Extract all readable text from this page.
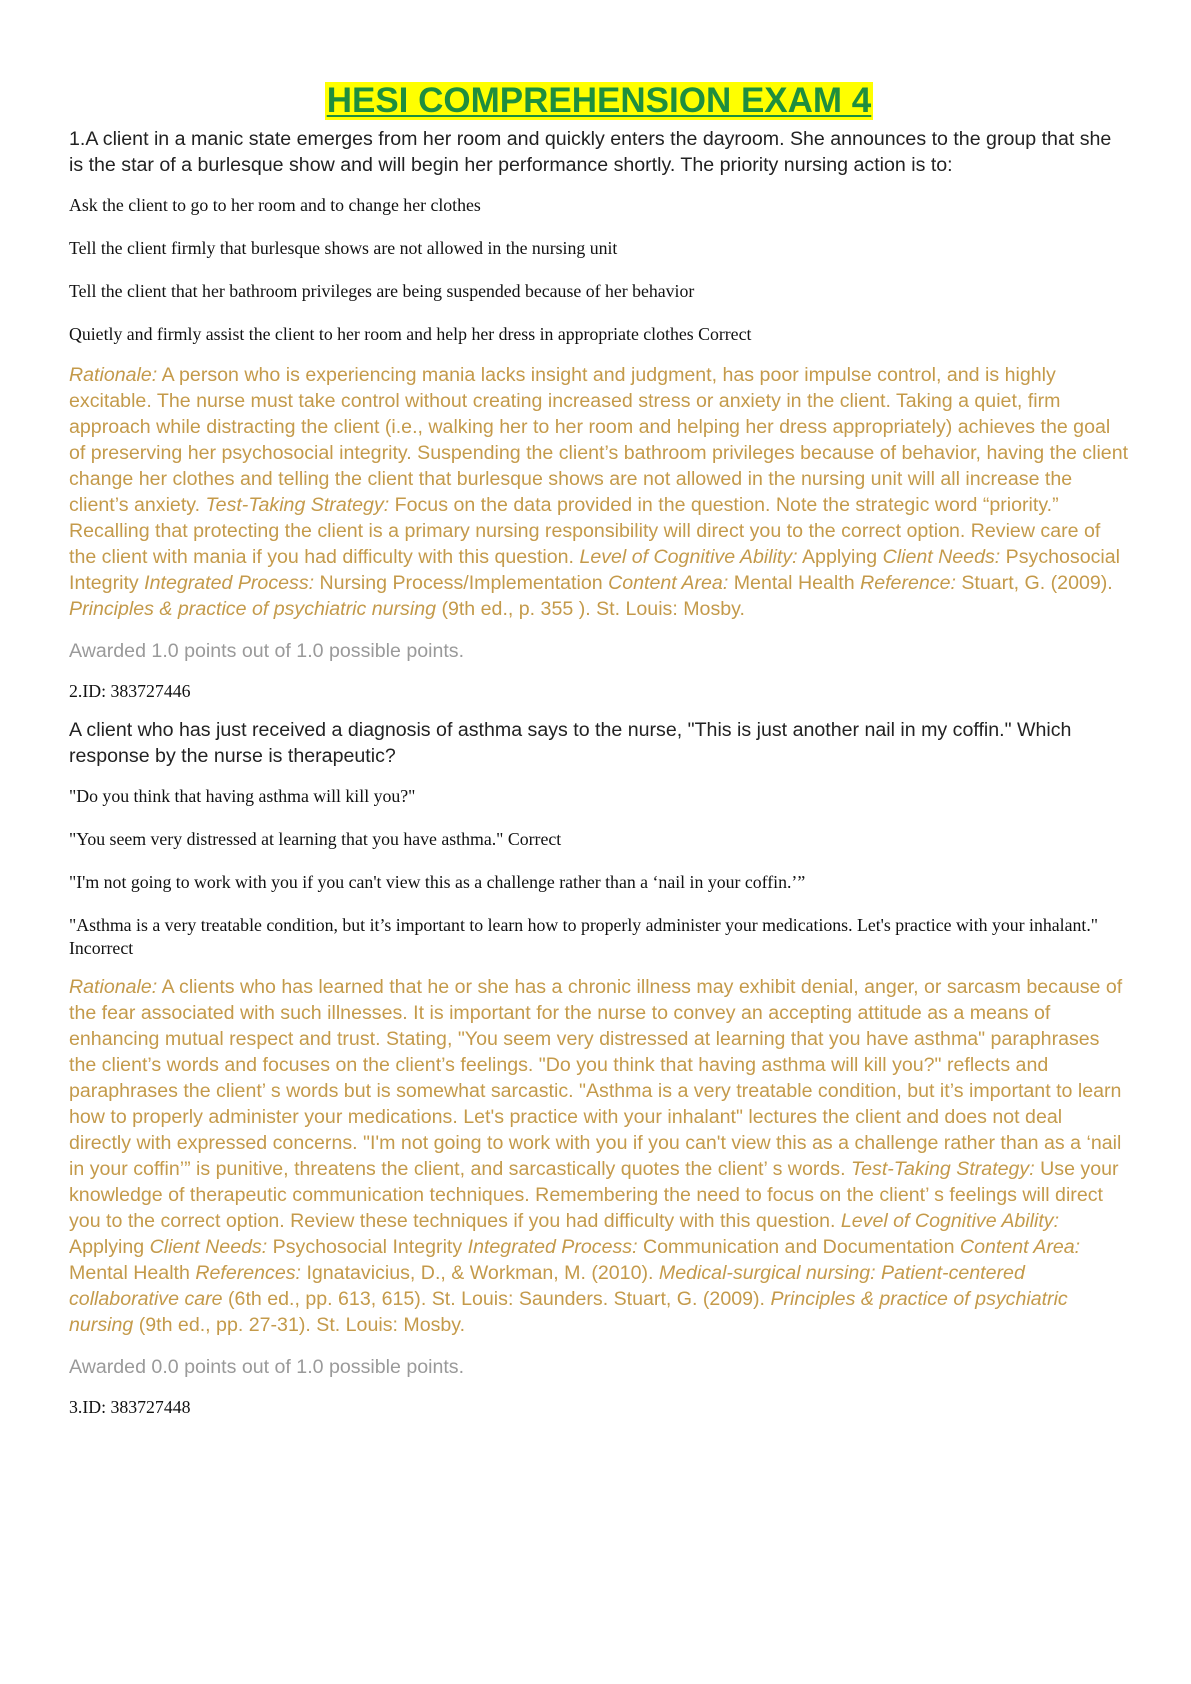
HESI COMPREHENSION EXAM 4

1.A client in a manic state emerges from her room and quickly enters the dayroom. She announces to the group that she is the star of a burlesque show and will begin her performance shortly. The priority nursing action is to:

Ask the client to go to her room and to change her clothes

Tell the client firmly that burlesque shows are not allowed in the nursing unit

Tell the client that her bathroom privileges are being suspended because of her behavior

Quietly and firmly assist the client to her room and help her dress in appropriate clothes Correct

Rationale: A person who is experiencing mania lacks insight and judgment, has poor impulse control, and is highly excitable. The nurse must take control without creating increased stress or anxiety in the client. Taking a quiet, firm approach while distracting the client (i.e., walking her to her room and helping her dress appropriately) achieves the goal of preserving her psychosocial integrity. Suspending the client’s bathroom privileges because of behavior, having the client change her clothes and telling the client that burlesque shows are not allowed in the nursing unit will all increase the client’s anxiety. Test-Taking Strategy: Focus on the data provided in the question. Note the strategic word “priority.” Recalling that protecting the client is a primary nursing responsibility will direct you to the correct option. Review care of the client with mania if you had difficulty with this question. Level of Cognitive Ability: Applying Client Needs: Psychosocial Integrity Integrated Process: Nursing Process/Implementation Content Area: Mental Health Reference: Stuart, G. (2009). Principles & practice of psychiatric nursing (9th ed., p. 355 ). St. Louis: Mosby.

Awarded 1.0 points out of 1.0 possible points.

2.ID: 383727446

A client who has just received a diagnosis of asthma says to the nurse, "This is just another nail in my coffin." Which response by the nurse is therapeutic?

"Do you think that having asthma will kill you?"

"You seem very distressed at learning that you have asthma." Correct

"I'm not going to work with you if you can't view this as a challenge rather than a ‘nail in your coffin.’”

"Asthma is a very treatable condition, but it’s important to learn how to properly administer your medications. Let's practice with your inhalant." Incorrect

Rationale: A clients who has learned that he or she has a chronic illness may exhibit denial, anger, or sarcasm because of the fear associated with such illnesses. It is important for the nurse to convey an accepting attitude as a means of enhancing mutual respect and trust. Stating, "You seem very distressed at learning that you have asthma" paraphrases the client’s words and focuses on the client’s feelings. "Do you think that having asthma will kill you?" reflects and paraphrases the client’ s words but is somewhat sarcastic. "Asthma is a very treatable condition, but it’s important to learn how to properly administer your medications. Let's practice with your inhalant" lectures the client and does not deal directly with expressed concerns. "I'm not going to work with you if you can't view this as a challenge rather than as a ‘nail in your coffin’” is punitive, threatens the client, and sarcastically quotes the client’ s words. Test-Taking Strategy: Use your knowledge of therapeutic communication techniques. Remembering the need to focus on the client’ s feelings will direct you to the correct option. Review these techniques if you had difficulty with this question. Level of Cognitive Ability: Applying Client Needs: Psychosocial Integrity Integrated Process: Communication and Documentation Content Area: Mental Health References: Ignatavicius, D., & Workman, M. (2010). Medical-surgical nursing: Patient-centered collaborative care (6th ed., pp. 613, 615). St. Louis: Saunders. Stuart, G. (2009). Principles & practice of psychiatric nursing (9th ed., pp. 27-31). St. Louis: Mosby.

Awarded 0.0 points out of 1.0 possible points.

3.ID: 383727448
